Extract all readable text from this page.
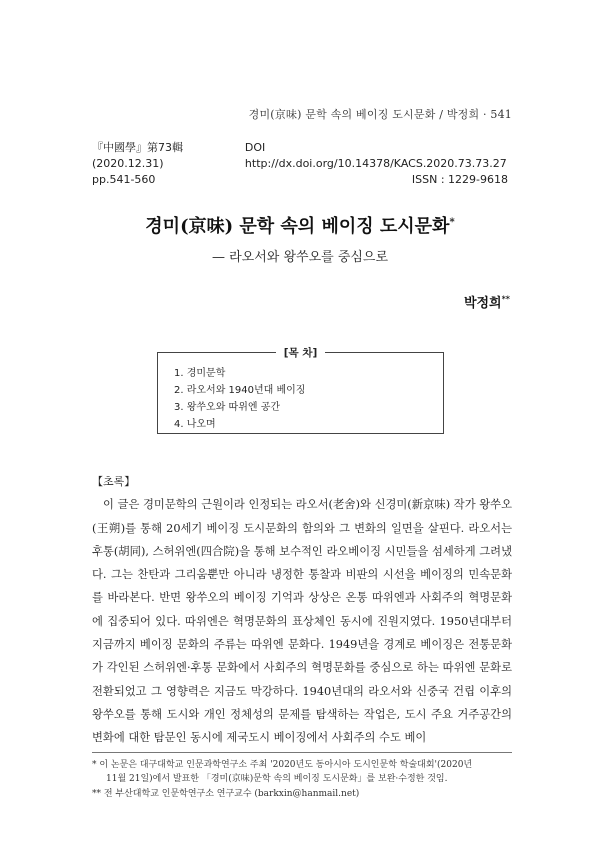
경미(京味) 문학 속의 베이징 도시문화 / 박정희 · 541
『中國學』第73輯 (2020.12.31)
DOI http://dx.doi.org/10.14378/KACS.2020.73.73.27
pp.541-560	ISSN : 1229-9618
경미(京味) 문학 속의 베이징 도시문화*
— 라오서와 왕쑤오를 중심으로
박정희**
[목 차]
1. 경미문학
2. 라오서와 1940년대 베이징
3. 왕쑤오와 따위엔 공간
4. 나오며
【초록】
이 글은 경미문학의 근원이라 인정되는 라오서(老舍)와 신경미(新京味) 작가 왕쑤오(王朔)를 통해 20세기 베이징 도시문화의 함의와 그 변화의 일면을 살핀다. 라오서는 후통(胡同), 스허위엔(四合院)을 통해 보수적인 라오베이징 시민들을 섬세하게 그려냈다. 그는 찬탄과 그리움뿐만 아니라 냉정한 통찰과 비판의 시선을 베이징의 민속문화를 바라본다. 반면 왕쑤오의 베이징 기억과 상상은 온통 따위엔과 사회주의 혁명문화에 집중되어 있다. 따위엔은 혁명문화의 표상체인 동시에 진원지였다. 1950년대부터 지금까지 베이징 문화의 주류는 따위엔 문화다. 1949년을 경계로 베이징은 전통문화가 각인된 스허위엔·후통 문화에서 사회주의 혁명문화를 중심으로 하는 따위엔 문화로 전환되었고 그 영향력은 지금도 막강하다. 1940년대의 라오서와 신중국 건립 이후의 왕쑤오를 통해 도시와 개인 정체성의 문제를 탐색하는 작업은, 도시 주요 거주공간의 변화에 대한 탐문인 동시에 제국도시 베이징에서 사회주의 수도 베이

* 이 논문은 대구대학교 인문과학연구소 주최 '2020년도 동아시아 도시인문학 학술대회'(2020년

11월 21일)에서 발표한 「경미(京味)문학 속의 베이징 도시문화」를 보완·수정한 것임.

** 전 부산대학교 인문학연구소 연구교수 (barkxin@hanmail.net)
